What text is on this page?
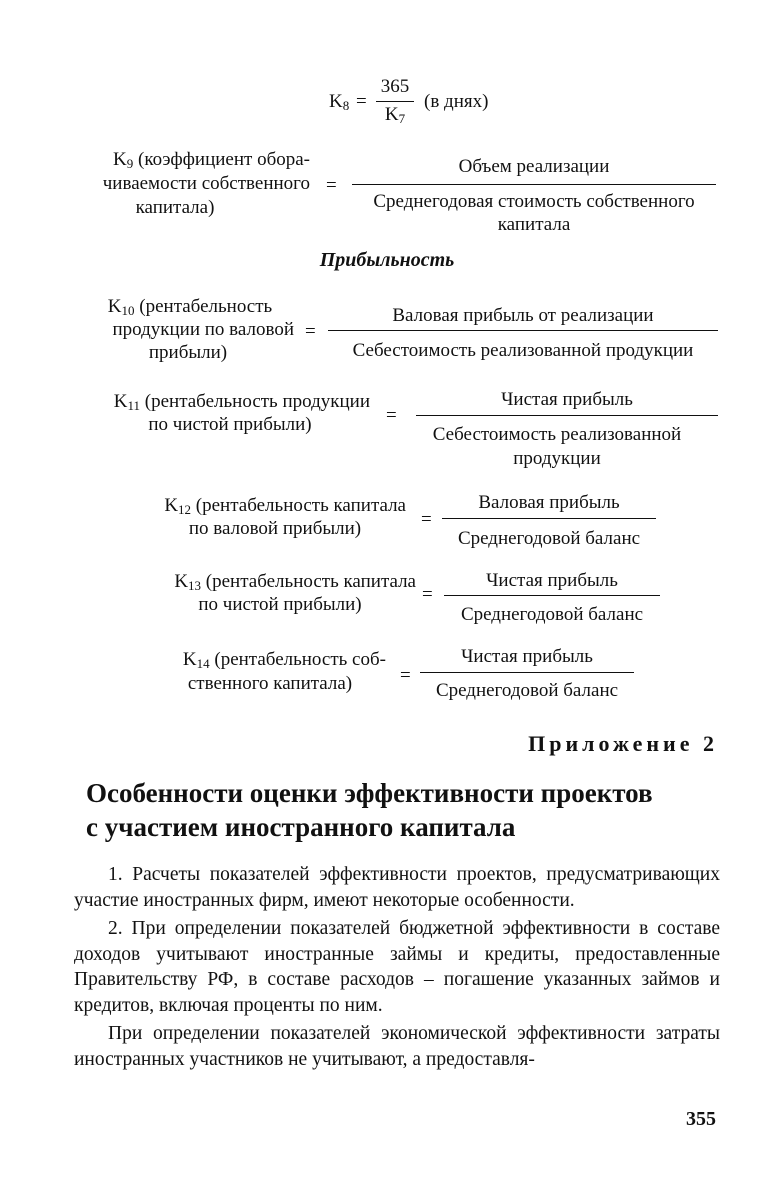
$K_8$ =
365
$K_7$
(в днях)
$K_9$ (коэффициент обора-
чиваемости собственного
капитала)
=
Объем реализации
Среднегодовая стоимость собственного
капитала
Прибыльность
$K_{10}$ (рентабельность
продукции по валовой
прибыли)
=
Валовая прибыль от реализации
Себестоимость реализованной продукции
$K_{11}$ (рентабельность продукции
по чистой прибыли)	=
Чистая прибыль
Себестоимость реализованной
продукции
$K_{12}$ (рентабельность капитала
по валовой прибыли)	=
Валовая прибыль
Среднегодовой баланс
$K_{13}$ (рентабельность капитала
по чистой прибыли)	=
Чистая прибыль
Среднегодовой баланс
$K_{14}$ (рентабельность соб-
ственного капитала)	=
Чистая прибыль
Среднегодовой баланс
Приложение 2
Особенности оценки эффективности проектов
с участием иностранного капитала

1. Расчеты показателей эффективности проектов, предусматривающих участие иностранных фирм, имеют некоторые особенности.

2. При определении показателей бюджетной эффективности в составе доходов учитывают иностранные займы и кредиты, предоставленные Правительству РФ, в составе расходов – погашение указанных займов и кредитов, включая проценты по ним.

При определении показателей экономической эффективности затраты иностранных участников не учитывают, а предоставля-

355
